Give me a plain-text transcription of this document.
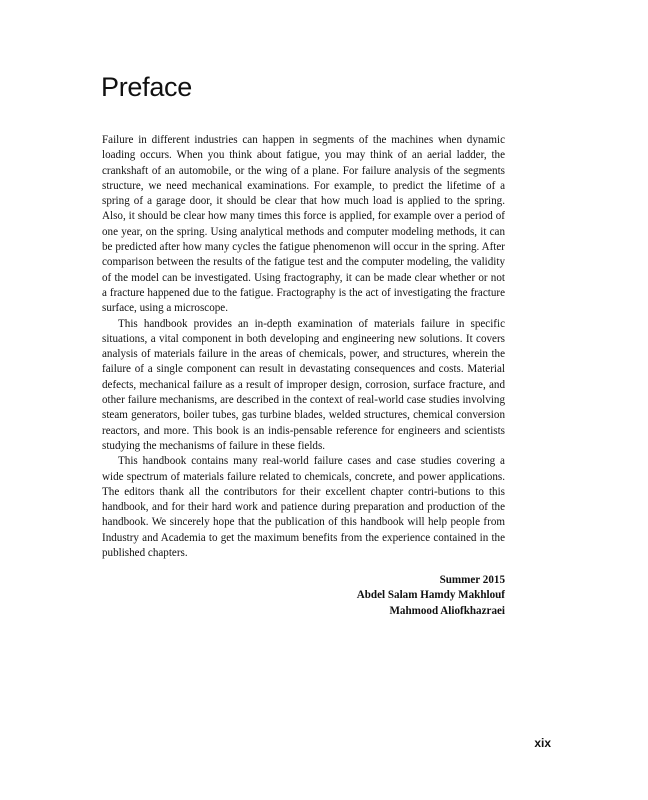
Preface

Failure in different industries can happen in segments of the machines when dynamic loading occurs. When you think about fatigue, you may think of an aerial ladder, the crankshaft of an automobile, or the wing of a plane. For failure analysis of the segments structure, we need mechanical examinations. For example, to predict the lifetime of a spring of a garage door, it should be clear that how much load is applied to the spring. Also, it should be clear how many times this force is applied, for example over a period of one year, on the spring. Using analytical methods and computer modeling methods, it can be predicted after how many cycles the fatigue phenomenon will occur in the spring. After comparison between the results of the fatigue test and the computer modeling, the validity of the model can be investigated. Using fractography, it can be made clear whether or not a fracture happened due to the fatigue. Fractography is the act of investigating the fracture surface, using a microscope.

This handbook provides an in-depth examination of materials failure in specific situations, a vital component in both developing and engineering new solutions. It covers analysis of materials failure in the areas of chemicals, power, and structures, wherein the failure of a single component can result in devastating consequences and costs. Material defects, mechanical failure as a result of improper design, corrosion, surface fracture, and other failure mechanisms, are described in the context of real-world case studies involving steam generators, boiler tubes, gas turbine blades, welded structures, chemical conversion reactors, and more. This book is an indis-pensable reference for engineers and scientists studying the mechanisms of failure in these fields.

This handbook contains many real-world failure cases and case studies covering a wide spectrum of materials failure related to chemicals, concrete, and power applications. The editors thank all the contributors for their excellent chapter contri-butions to this handbook, and for their hard work and patience during preparation and production of the handbook. We sincerely hope that the publication of this handbook will help people from Industry and Academia to get the maximum benefits from the experience contained in the published chapters.

Summer 2015
Abdel Salam Hamdy Makhlouf
Mahmood Aliofkhazraei
xix
